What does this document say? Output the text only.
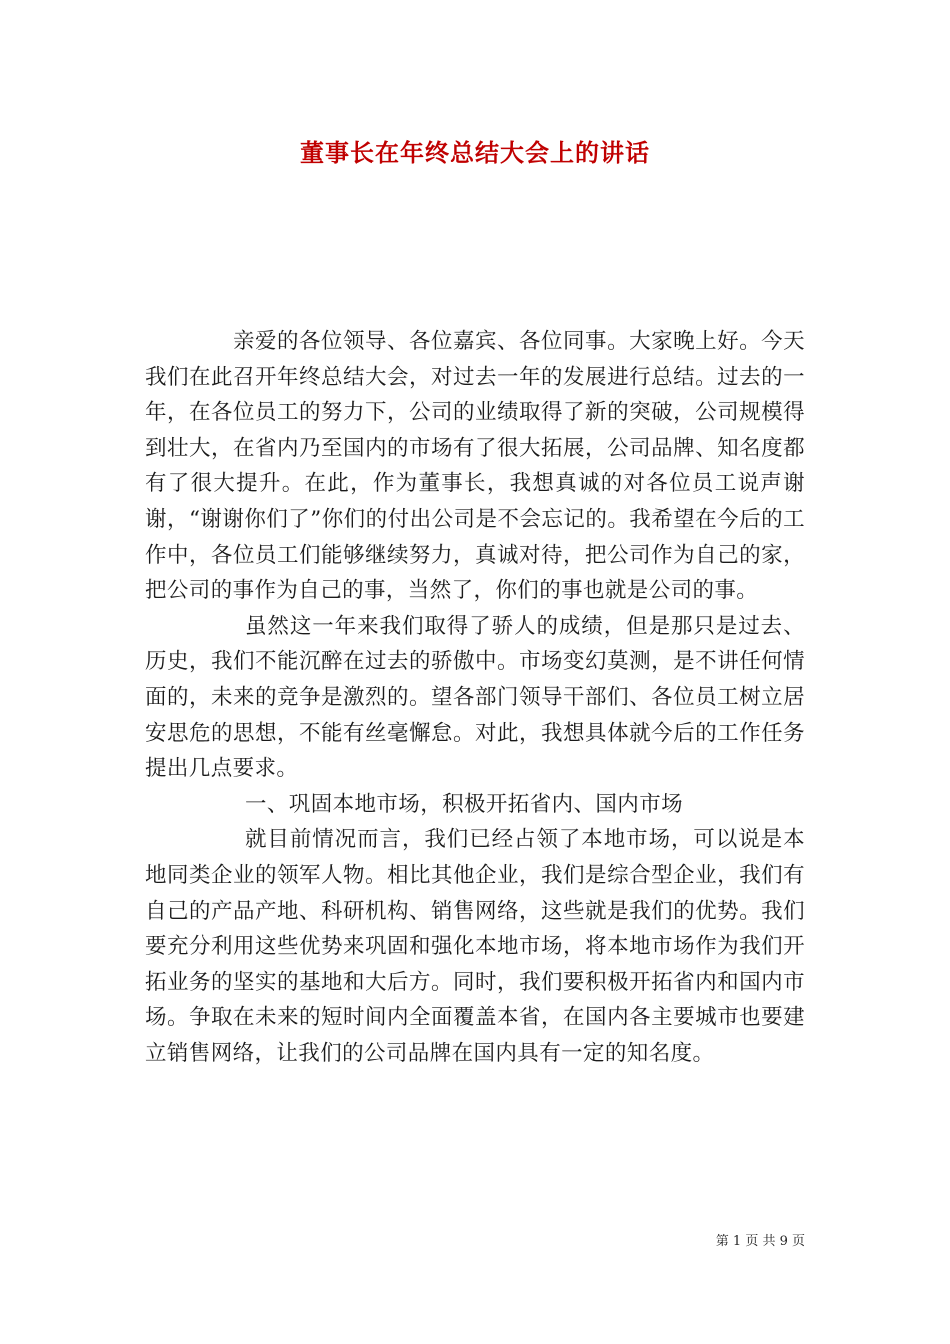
董事长在年终总结大会上的讲话

亲爱的各位领导、各位嘉宾、各位同事。大家晚上好。今天我们在此召开年终总结大会，对过去一年的发展进行总结。过去的一年，在各位员工的努力下，公司的业绩取得了新的突破，公司规模得到壮大，在省内乃至国内的市场有了很大拓展，公司品牌、知名度都有了很大提升。在此，作为董事长，我想真诚的对各位员工说声谢谢，“谢谢你们了”你们的付出公司是不会忘记的。我希望在今后的工作中，各位员工们能够继续努力，真诚对待，把公司作为自己的家，把公司的事作为自己的事，当然了，你们的事也就是公司的事。

虽然这一年来我们取得了骄人的成绩，但是那只是过去、历史，我们不能沉醉在过去的骄傲中。市场变幻莫测，是不讲任何情面的，未来的竞争是激烈的。望各部门领导干部们、各位员工树立居安思危的思想，不能有丝毫懈怠。对此，我想具体就今后的工作任务提出几点要求。

一、巩固本地市场，积极开拓省内、国内市场

就目前情况而言，我们已经占领了本地市场，可以说是本地同类企业的领军人物。相比其他企业，我们是综合型企业，我们有自己的产品产地、科研机构、销售网络，这些就是我们的优势。我们要充分利用这些优势来巩固和强化本地市场，将本地市场作为我们开拓业务的坚实的基地和大后方。同时，我们要积极开拓省内和国内市场。争取在未来的短时间内全面覆盖本省，在国内各主要城市也要建立销售网络，让我们的公司品牌在国内具有一定的知名度。

第 1 页 共 9 页
